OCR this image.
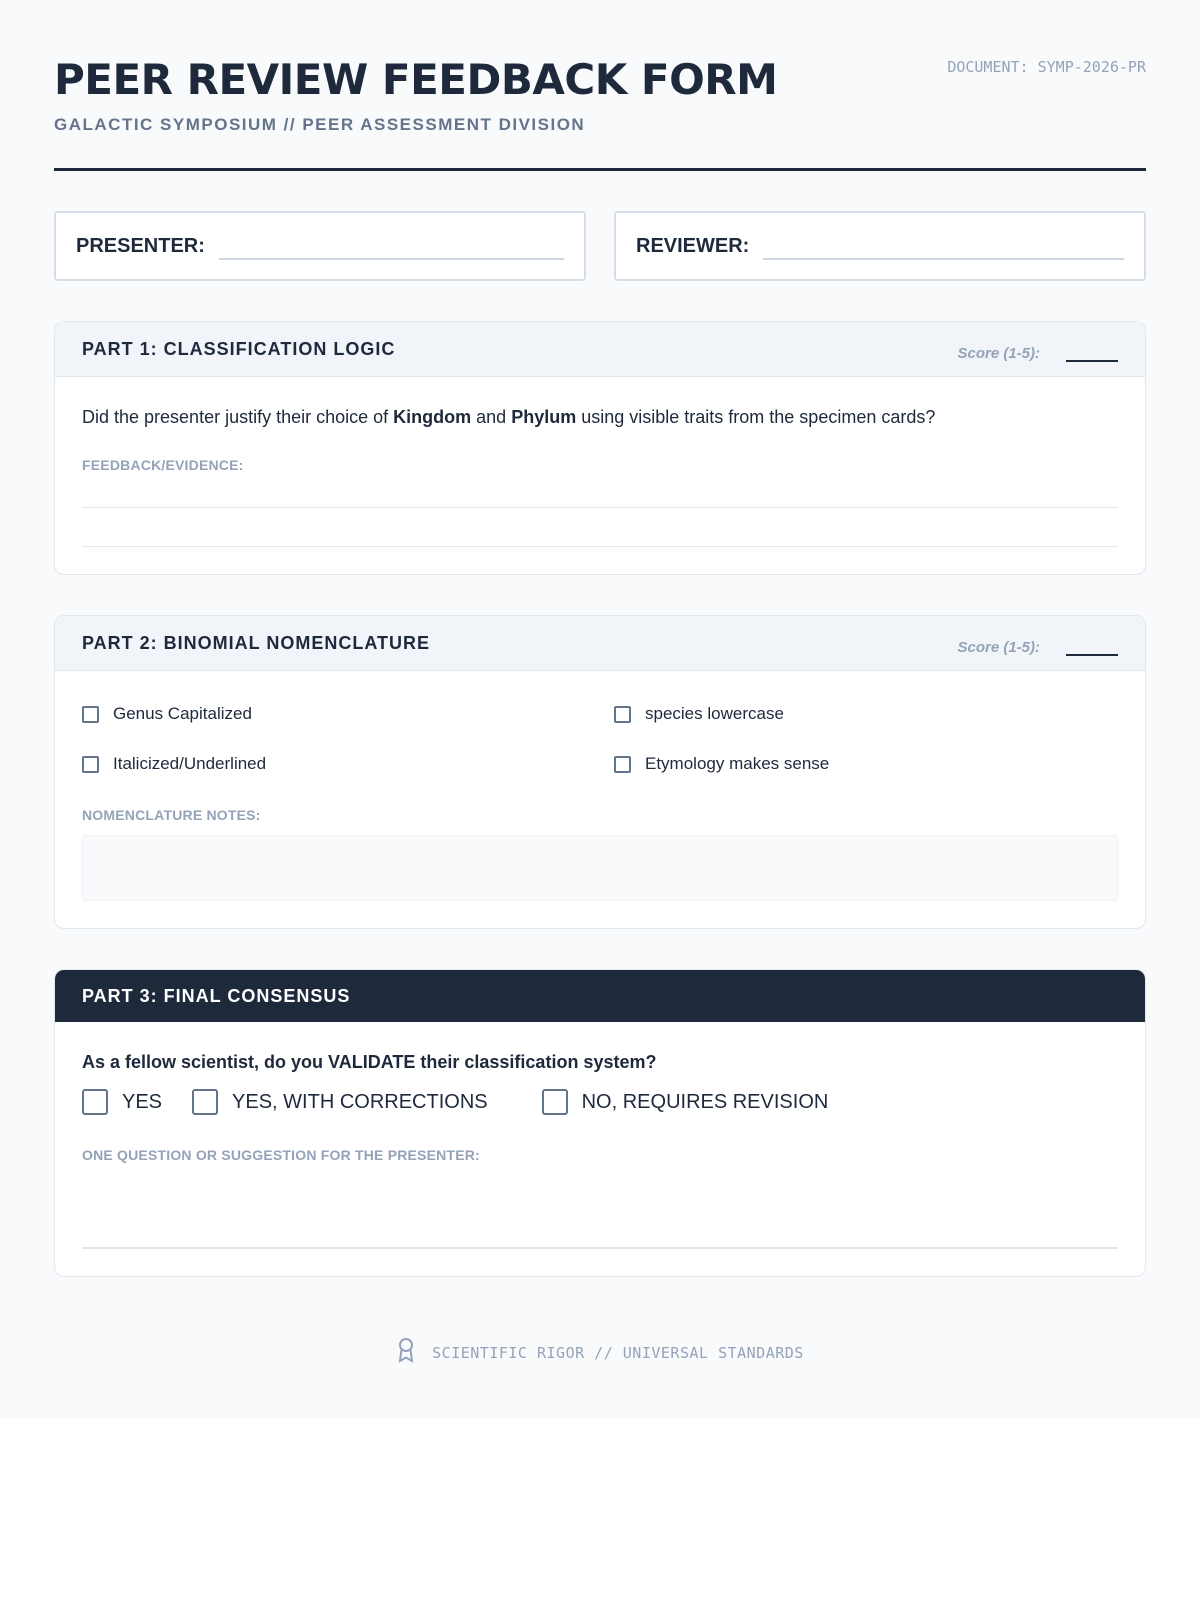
PEER REVIEW FEEDBACK FORM
GALACTIC SYMPOSIUM // PEER ASSESSMENT DIVISION
DOCUMENT: SYMP-2026-PR
PRESENTER:	REVIEWER:
PART 1: CLASSIFICATION LOGIC	Score (1-5):

Did the presenter justify their choice of Kingdom and Phylum using visible traits from the specimen cards?

FEEDBACK/EVIDENCE:
PART 2: BINOMIAL NOMENCLATURE	Score (1-5):
Genus Capitalized	species lowercase
Italicized/Underlined	Etymology makes sense
NOMENCLATURE NOTES:
PART 3: FINAL CONSENSUS

As a fellow scientist, do you VALIDATE their classification system?

YES	YES, WITH CORRECTIONS	NO, REQUIRES REVISION
ONE QUESTION OR SUGGESTION FOR THE PRESENTER:
SCIENTIFIC RIGOR // UNIVERSAL STANDARDS
